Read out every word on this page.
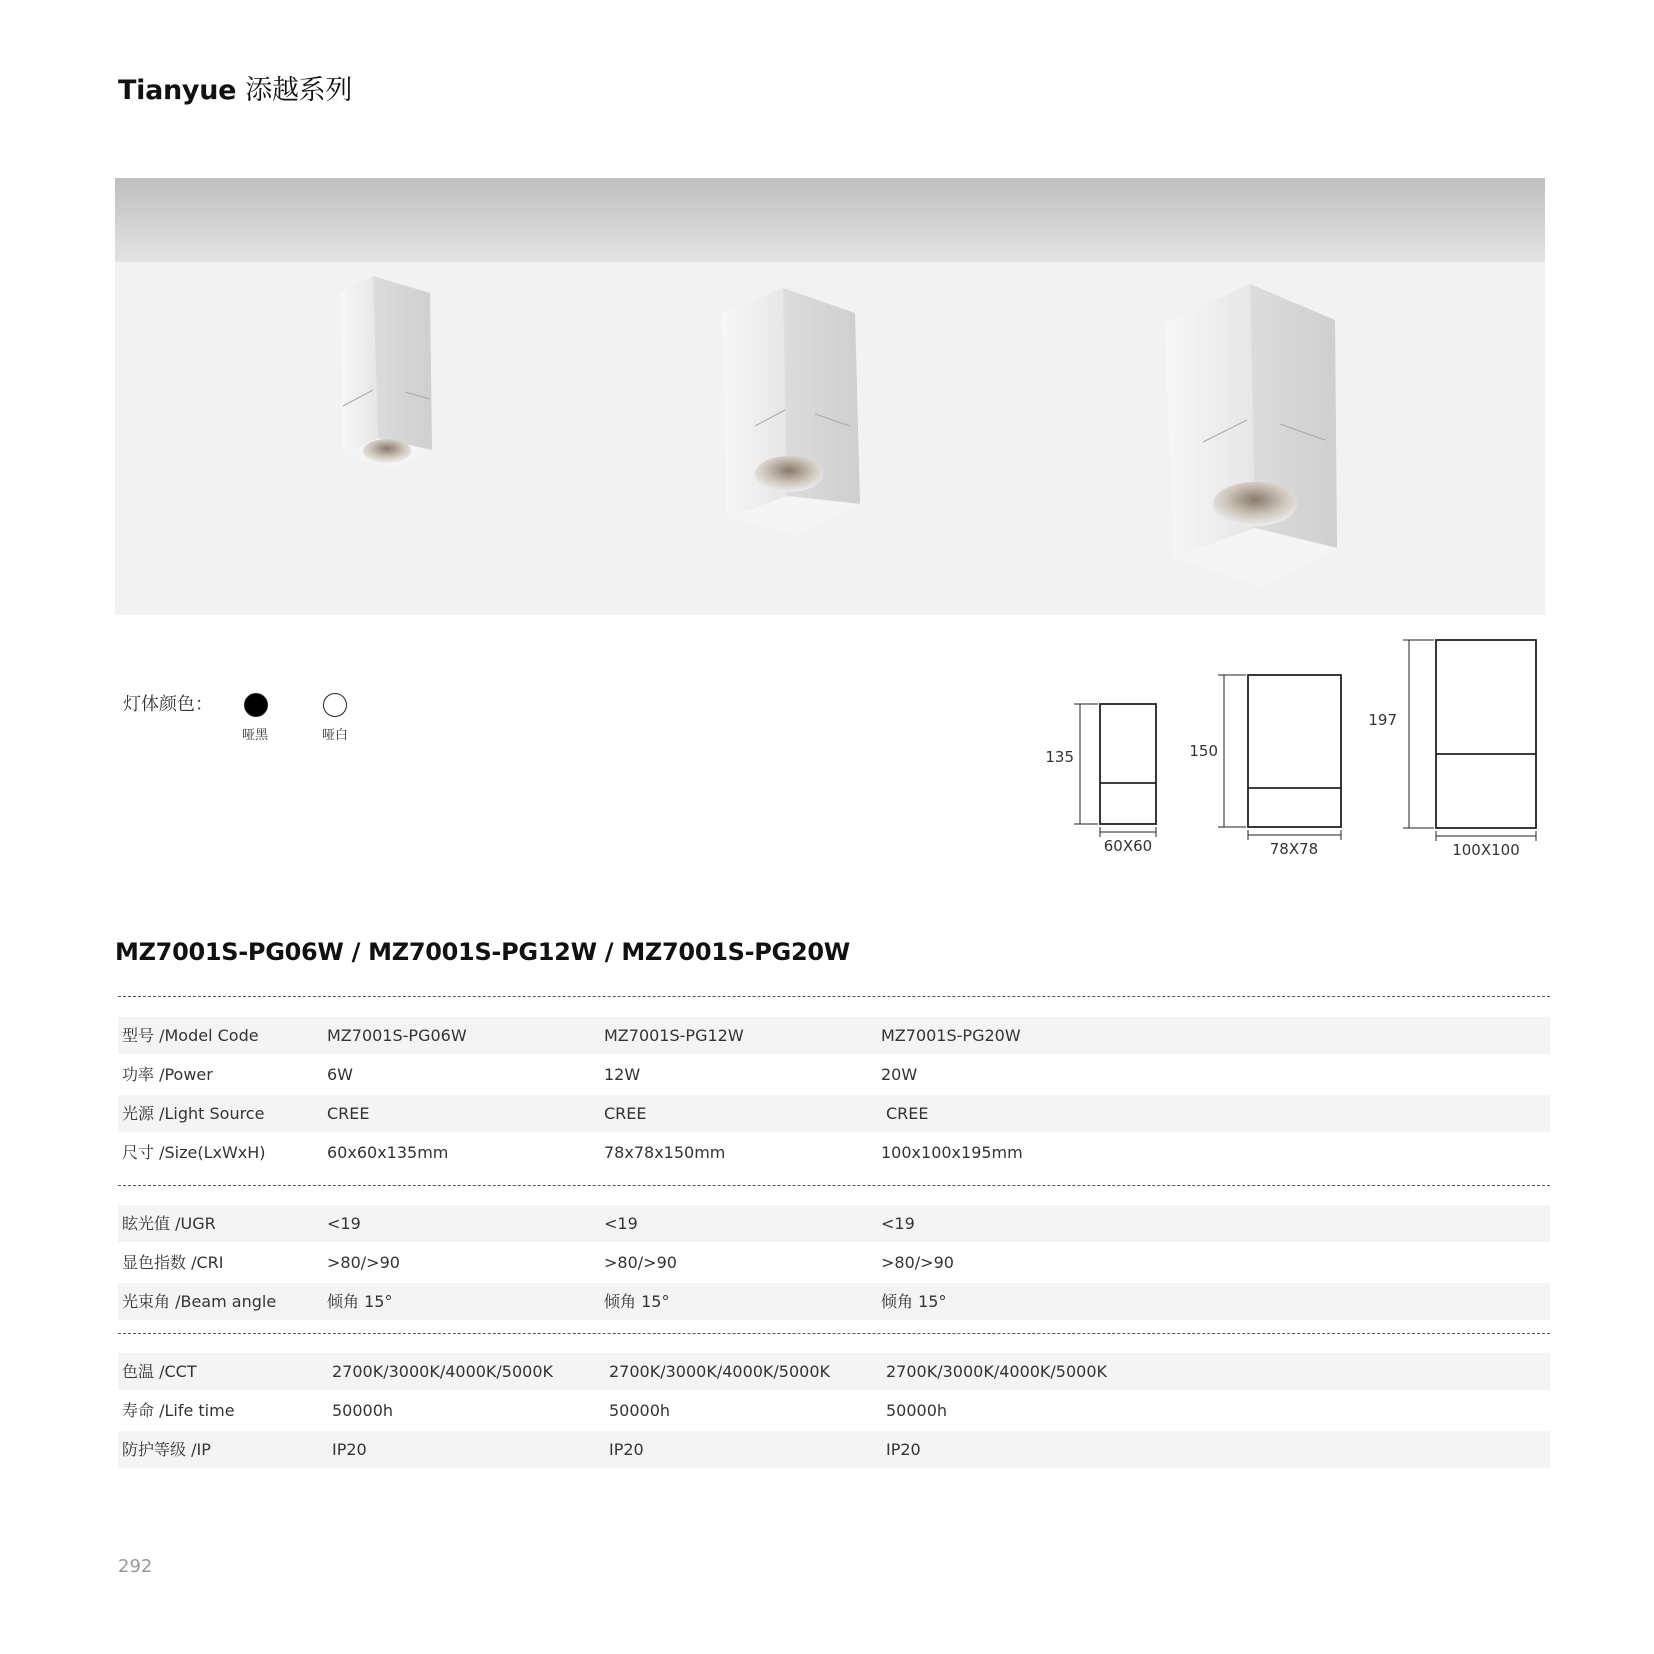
Tianyue 添越系列
灯体颜色：
哑黑	哑白
135
60X60
150
78X78
197
100X100
MZ7001S-PG06W / MZ7001S-PG12W / MZ7001S-PG20W
型号 /Model Code	MZ7001S-PG06W	MZ7001S-PG12W	MZ7001S-PG20W
功率 /Power	6W	12W	20W
光源 /Light Source	CREE	CREE	CREE
尺寸 /Size(LxWxH)	60x60x135mm	78x78x150mm	100x100x195mm
眩光值 /UGR	<19	<19	<19
显色指数 /CRI	>80/>90	>80/>90	>80/>90
光束角 /Beam angle	倾角 15°	倾角 15°	倾角 15°
色温 /CCT	2700K/3000K/4000K/5000K	2700K/3000K/4000K/5000K	2700K/3000K/4000K/5000K
寿命 /Life time	50000h	50000h	50000h
防护等级 /IP	IP20	IP20	IP20
292
